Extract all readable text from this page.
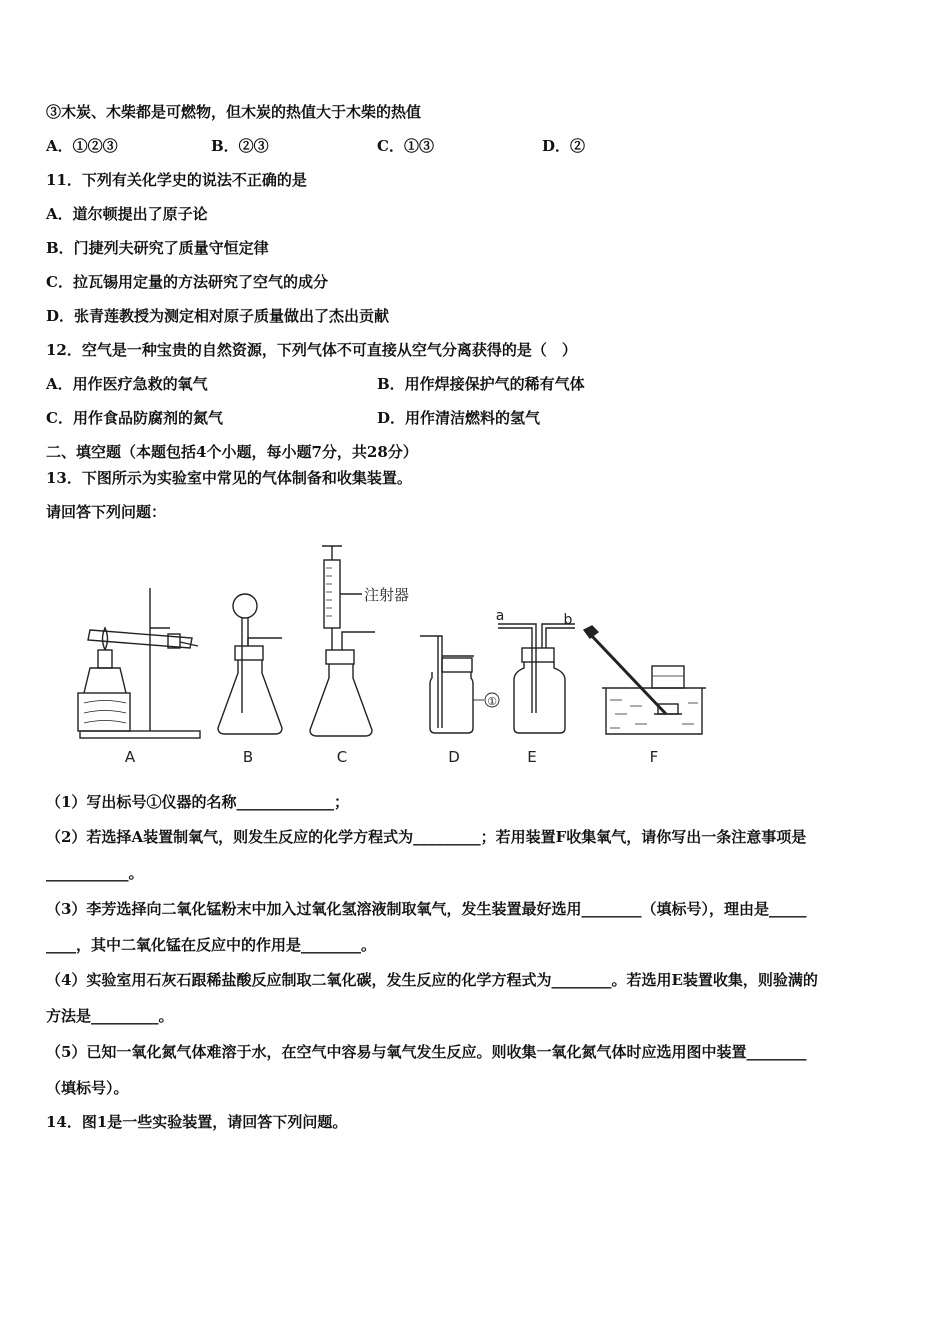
③木炭、木柴都是可燃物，但木炭的热值大于木柴的热值
A．①②③	B．②③	C．①③	D．②
11．下列有关化学史的说法不正确的是
A．道尔顿提出了原子论
B．门捷列夫研究了质量守恒定律
C．拉瓦锡用定量的方法研究了空气的成分
D．张青莲教授为测定相对原子质量做出了杰出贡献
12．空气是一种宝贵的自然资源，下列气体不可直接从空气分离获得的是（　）
A．用作医疗急救的氧气	B．用作焊接保护气的稀有气体
C．用作食品防腐剂的氮气	D．用作清洁燃料的氢气
二、填空题（本题包括4个小题，每小题7分，共28分）
13．下图所示为实验室中常见的气体制备和收集装置。
请回答下列问题：
A	B
注射器
C
①
D
a	b
E	F
（1）写出标号①仪器的名称_____________；
（2）若选择A装置制氧气，则发生反应的化学方程式为_________；若用装置F收集氧气，请你写出一条注意事项是
___________。
（3）李芳选择向二氧化锰粉末中加入过氧化氢溶液制取氧气，发生装置最好选用________（填标号），理由是_____
____，其中二氧化锰在反应中的作用是________。
（4）实验室用石灰石跟稀盐酸反应制取二氧化碳，发生反应的化学方程式为________。若选用E装置收集，则验满的
方法是_________。
（5）已知一氧化氮气体难溶于水，在空气中容易与氧气发生反应。则收集一氧化氮气体时应选用图中装置________
（填标号）。
14．图1是一些实验装置，请回答下列问题。
